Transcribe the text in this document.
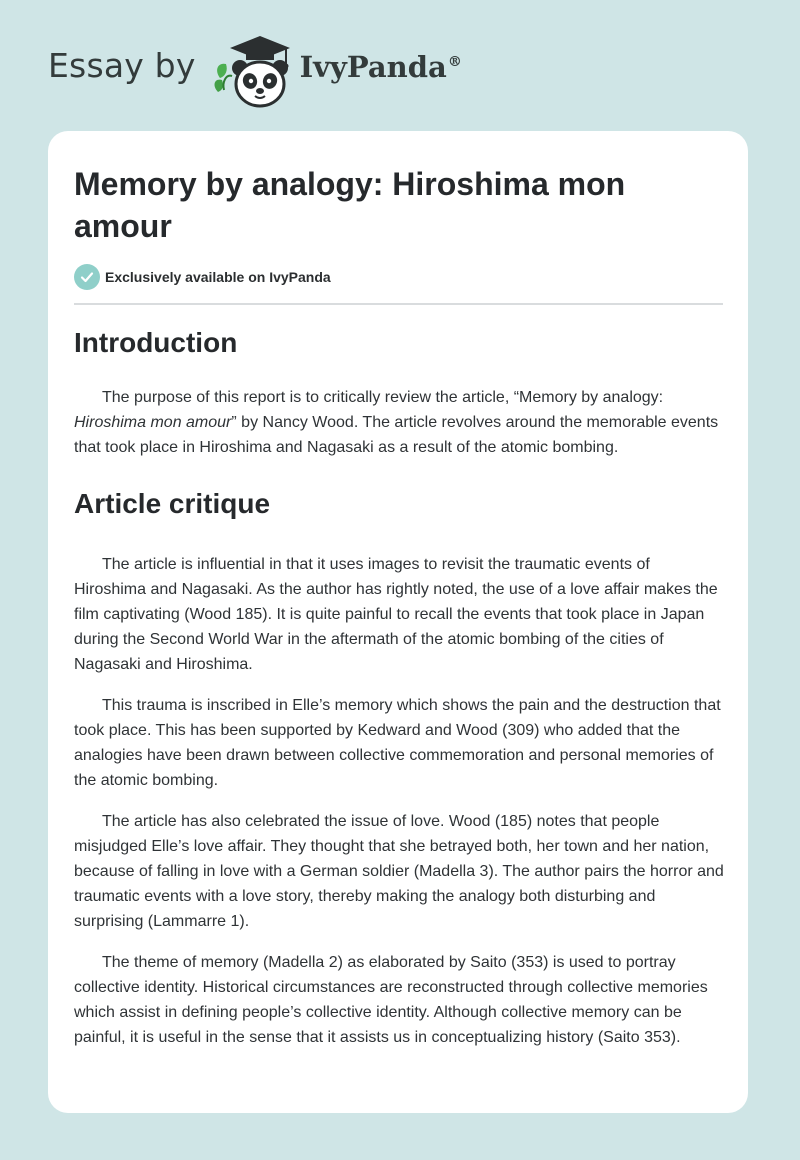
Essay by	IvyPanda®
Memory by analogy: Hiroshima mon amour
Exclusively available on IvyPanda
Introduction

The purpose of this report is to critically review the article, “Memory by analogy: Hiroshima mon amour” by Nancy Wood. The article revolves around the memorable events that took place in Hiroshima and Nagasaki as a result of the atomic bombing.

Article critique

The article is influential in that it uses images to revisit the traumatic events of Hiroshima and Nagasaki. As the author has rightly noted, the use of a love affair makes the film captivating (Wood 185). It is quite painful to recall the events that took place in Japan during the Second World War in the aftermath of the atomic bombing of the cities of Nagasaki and Hiroshima.

This trauma is inscribed in Elle’s memory which shows the pain and the destruction that took place. This has been supported by Kedward and Wood (309) who added that the analogies have been drawn between collective commemoration and personal memories of the atomic bombing.

The article has also celebrated the issue of love. Wood (185) notes that people misjudged Elle’s love affair. They thought that she betrayed both, her town and her nation, because of falling in love with a German soldier (Madella 3). The author pairs the horror and traumatic events with a love story, thereby making the analogy both disturbing and surprising (Lammarre 1).

The theme of memory (Madella 2) as elaborated by Saito (353) is used to portray collective identity. Historical circumstances are reconstructed through collective memories which assist in defining people’s collective identity. Although collective memory can be painful, it is useful in the sense that it assists us in conceptualizing history (Saito 353).
